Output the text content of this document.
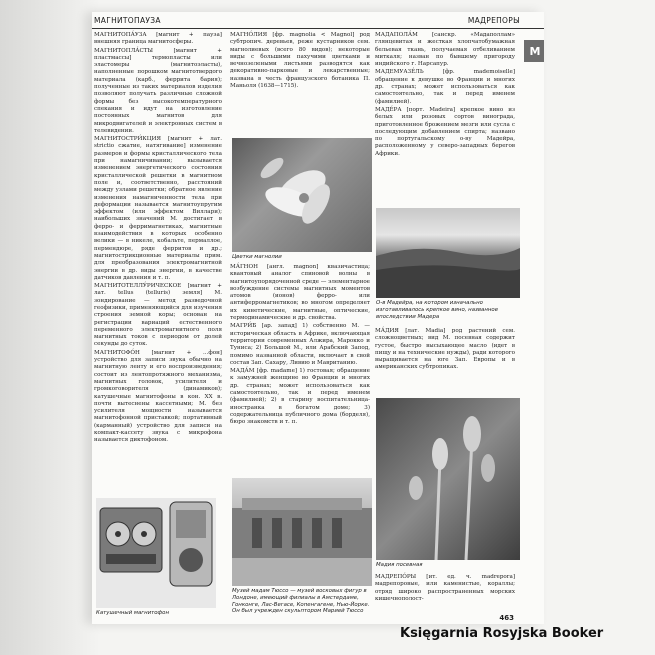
МАГНИТОПАУЗА	МАДРЕПОРЫ
М

МАГНИТОПА́УЗА [магнит + пауза] внешняя граница магнитосферы.

МАГНИТОПЛА́СТЫ [магнит + пластмассы] термопласты или эластомеры (магнитоэласты), наполненные порошком магнитотвердого материала (карб., феррита бария); полученные из таких материалов изделия позволяют получать различные сложной формы без высокотемпературного спекания и идут на изготовление постоянных магнитов для микродвигателей и электронных систем в телевидении.

МАГНИТОСТРИ́КЦИЯ [магнит + лат. strictio сжатие, натягивание] изменение размеров и формы кристаллического тела при намагничивании; вызывается изменением энергетического состояния кристаллической решетки в магнитном поле и, соответственно, расстояний между узлами решетки; обратное явление изменения намагниченности тела при деформации называется магнитоупругим эффектом (или эффектом Виллари); наибольших значений М. достигает в ферро- и ферримагнетиках, магнитные взаимодействия в которых особенно велики — в никеле, кобальте, пермаллое, пермендюре, ряде ферритов и др.; магнитострикционные материалы прим. для преобразования электромагнитной энергии в др. виды энергии, в качестве датчиков давления и т. п.

МАГНИТОТЕЛЛУ́РИЧЕСКОЕ [магнит + лат. tellus (telluris) земля] М. зондирование — метод разведочной геофизики, применяющийся для изучения строения земной коры; основан на регистрации вариаций естественного переменного электромагнитного поля магнитных токов с периодом от долей секунды до суток.

МАГНИТОФО́Н [магнит + ...фон] устройство для записи звука обычно на магнитную ленту и его воспроизведения; состоит из лентопротяжного механизма, магнитных головок, усилителя и громкоговорителя (динамиков); катушечные магнитофоны в кон. XX в. почти вытеснены кассетными; М. без усилителя мощности называется магнитофонной приставкой; портативный (карманный) устройство для записи на компакт-кассету звука с микрофона называется диктофоном.

Катушечный магнитофон

МАГНО́ЛИЯ [фр. magnolia < Magnol] род субтропич. деревьев, реже кустарников сем. магнолиевых (всего 80 видов); некоторые виды с большими пахучими цветками и вечнозелеными листьями разводятся как декоративно-парковые и лекарственные; названа в честь французского ботаника П. Маньоля (1638—1715).

Цветки магнолии

МА́ГНОН [англ. magnon] квазичастица; квантовый аналог спиновой волны в магнитоупорядоченной среде — элементарное возбуждение системы магнитных моментов атомов (ионов) ферро- или антиферромагнетиков; во многом определяет их кинетические, магнитные, оптические, термодинамические и др. свойства.

МАГРИ́Б [ар. запад] 1) собственно М. — историческая область в Африке, включающая территории современных Алжира, Марокко и Туниса; 2) Большой М., или Арабский Запод, помимо названной области, включает в свой состав Зап. Сахару, Ливию и Мавританию.

МАДА́М [фр. madame] 1) гостовая; обращение к замужней женщине во Франции и многих др. странах; может использоваться как самостоятельно, так и перед именем (фамилией); 2) в старину воспитательница-иностранка в богатом доме; 3) содержательница публичного дома (борделя), бюро знакомств и т. п.

Музей мадам Тюссо — музей восковых фигур в Лондоне, имеющий филиалы в Амстердаме, Гонконге, Лас-Вегасе, Копенгагене, Нью-Йорке. Он был учрежден скульптором Марией Тюссо

МАДАПОЛА́М [санскр. «Мадаполлам» глянцевитая и жесткая хлопчатобумажная бельевая ткань, получаемая отбеливанием миткаля; назван по бывшему пригороду индийского г. Нарсапур.

МАДЕМУАЗЕ́ЛЬ [фр. mademoiselle] обращение к девушке во Франции и многих др. странах; может использоваться как самостоятельно, так и перед именем (фамилией).

МАДЕ́РА [порт. Madeira] крепкое вино из белых или розовых сортов винограда, приготовленное брожением мезги или сусла с последующим добавлением спирта; названо по португальскому о-ву Мадейра, расположенному у северо-западных берегов Африки.

О-в Мадейра, на котором изначально изготавливалось крепкое вино, названное впоследствии Мадера

МА́ДИЯ [лат. Madia] род растений сем. сложноцветных; вид М. посевная содержит густое, быстро высыхающее масло (идет в пищу и на технические нужды), ради которого выращивается на юге Зап. Европы и в американских субтропиках.

Мадия посевная

МАДРЕПО́РЫ [ит. ед. ч. madrepora] мадрепоровые, или каменистые, кораллы; отряд широко распространенных морских кишечнополост-

463
Księgarnia Rosyjska Booker
